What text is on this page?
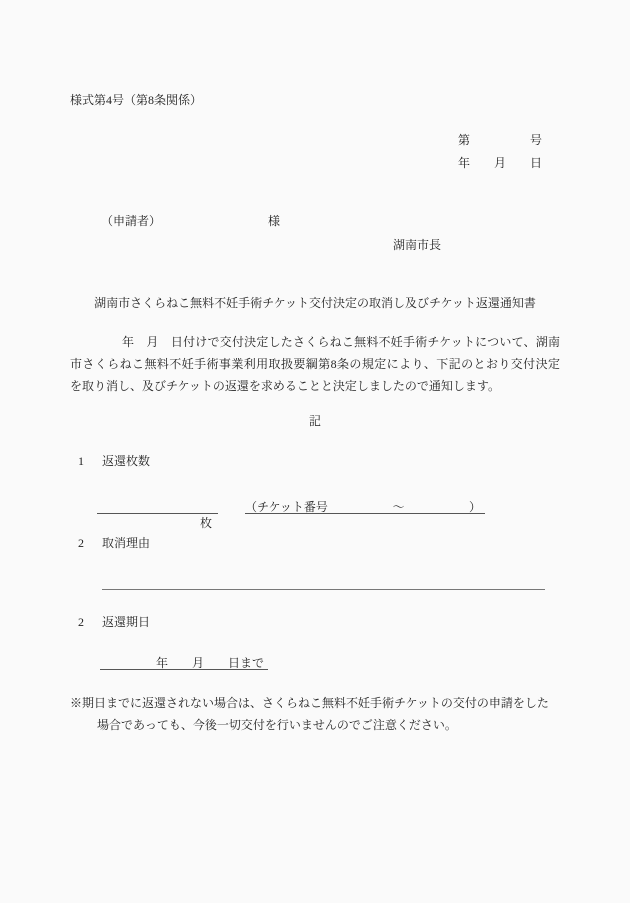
様式第4号（第8条関係）
第　　　　　号
年　　月　　日

（申請者）	様

湖南市長
湖南市さくらねこ無料不妊手術チケット交付決定の取消し及びチケット返還通知書
年　月　日付けで交付決定したさくらねこ無料不妊手術チケットについて、湖南
市さくらねこ無料不妊手術事業利用取扱要綱第8条の規定により、下記のとおり交付決定
を取り消し、及びチケットの返還を求めることと決定しましたので通知します。
記
1 返還枚数

枚

（チケット番号	〜	）
2 取消理由
2 返還期日
年　　月　　日まで
※期日までに返還されない場合は、さくらねこ無料不妊手術チケットの交付の申請をした
場合であっても、今後一切交付を行いませんのでご注意ください。
